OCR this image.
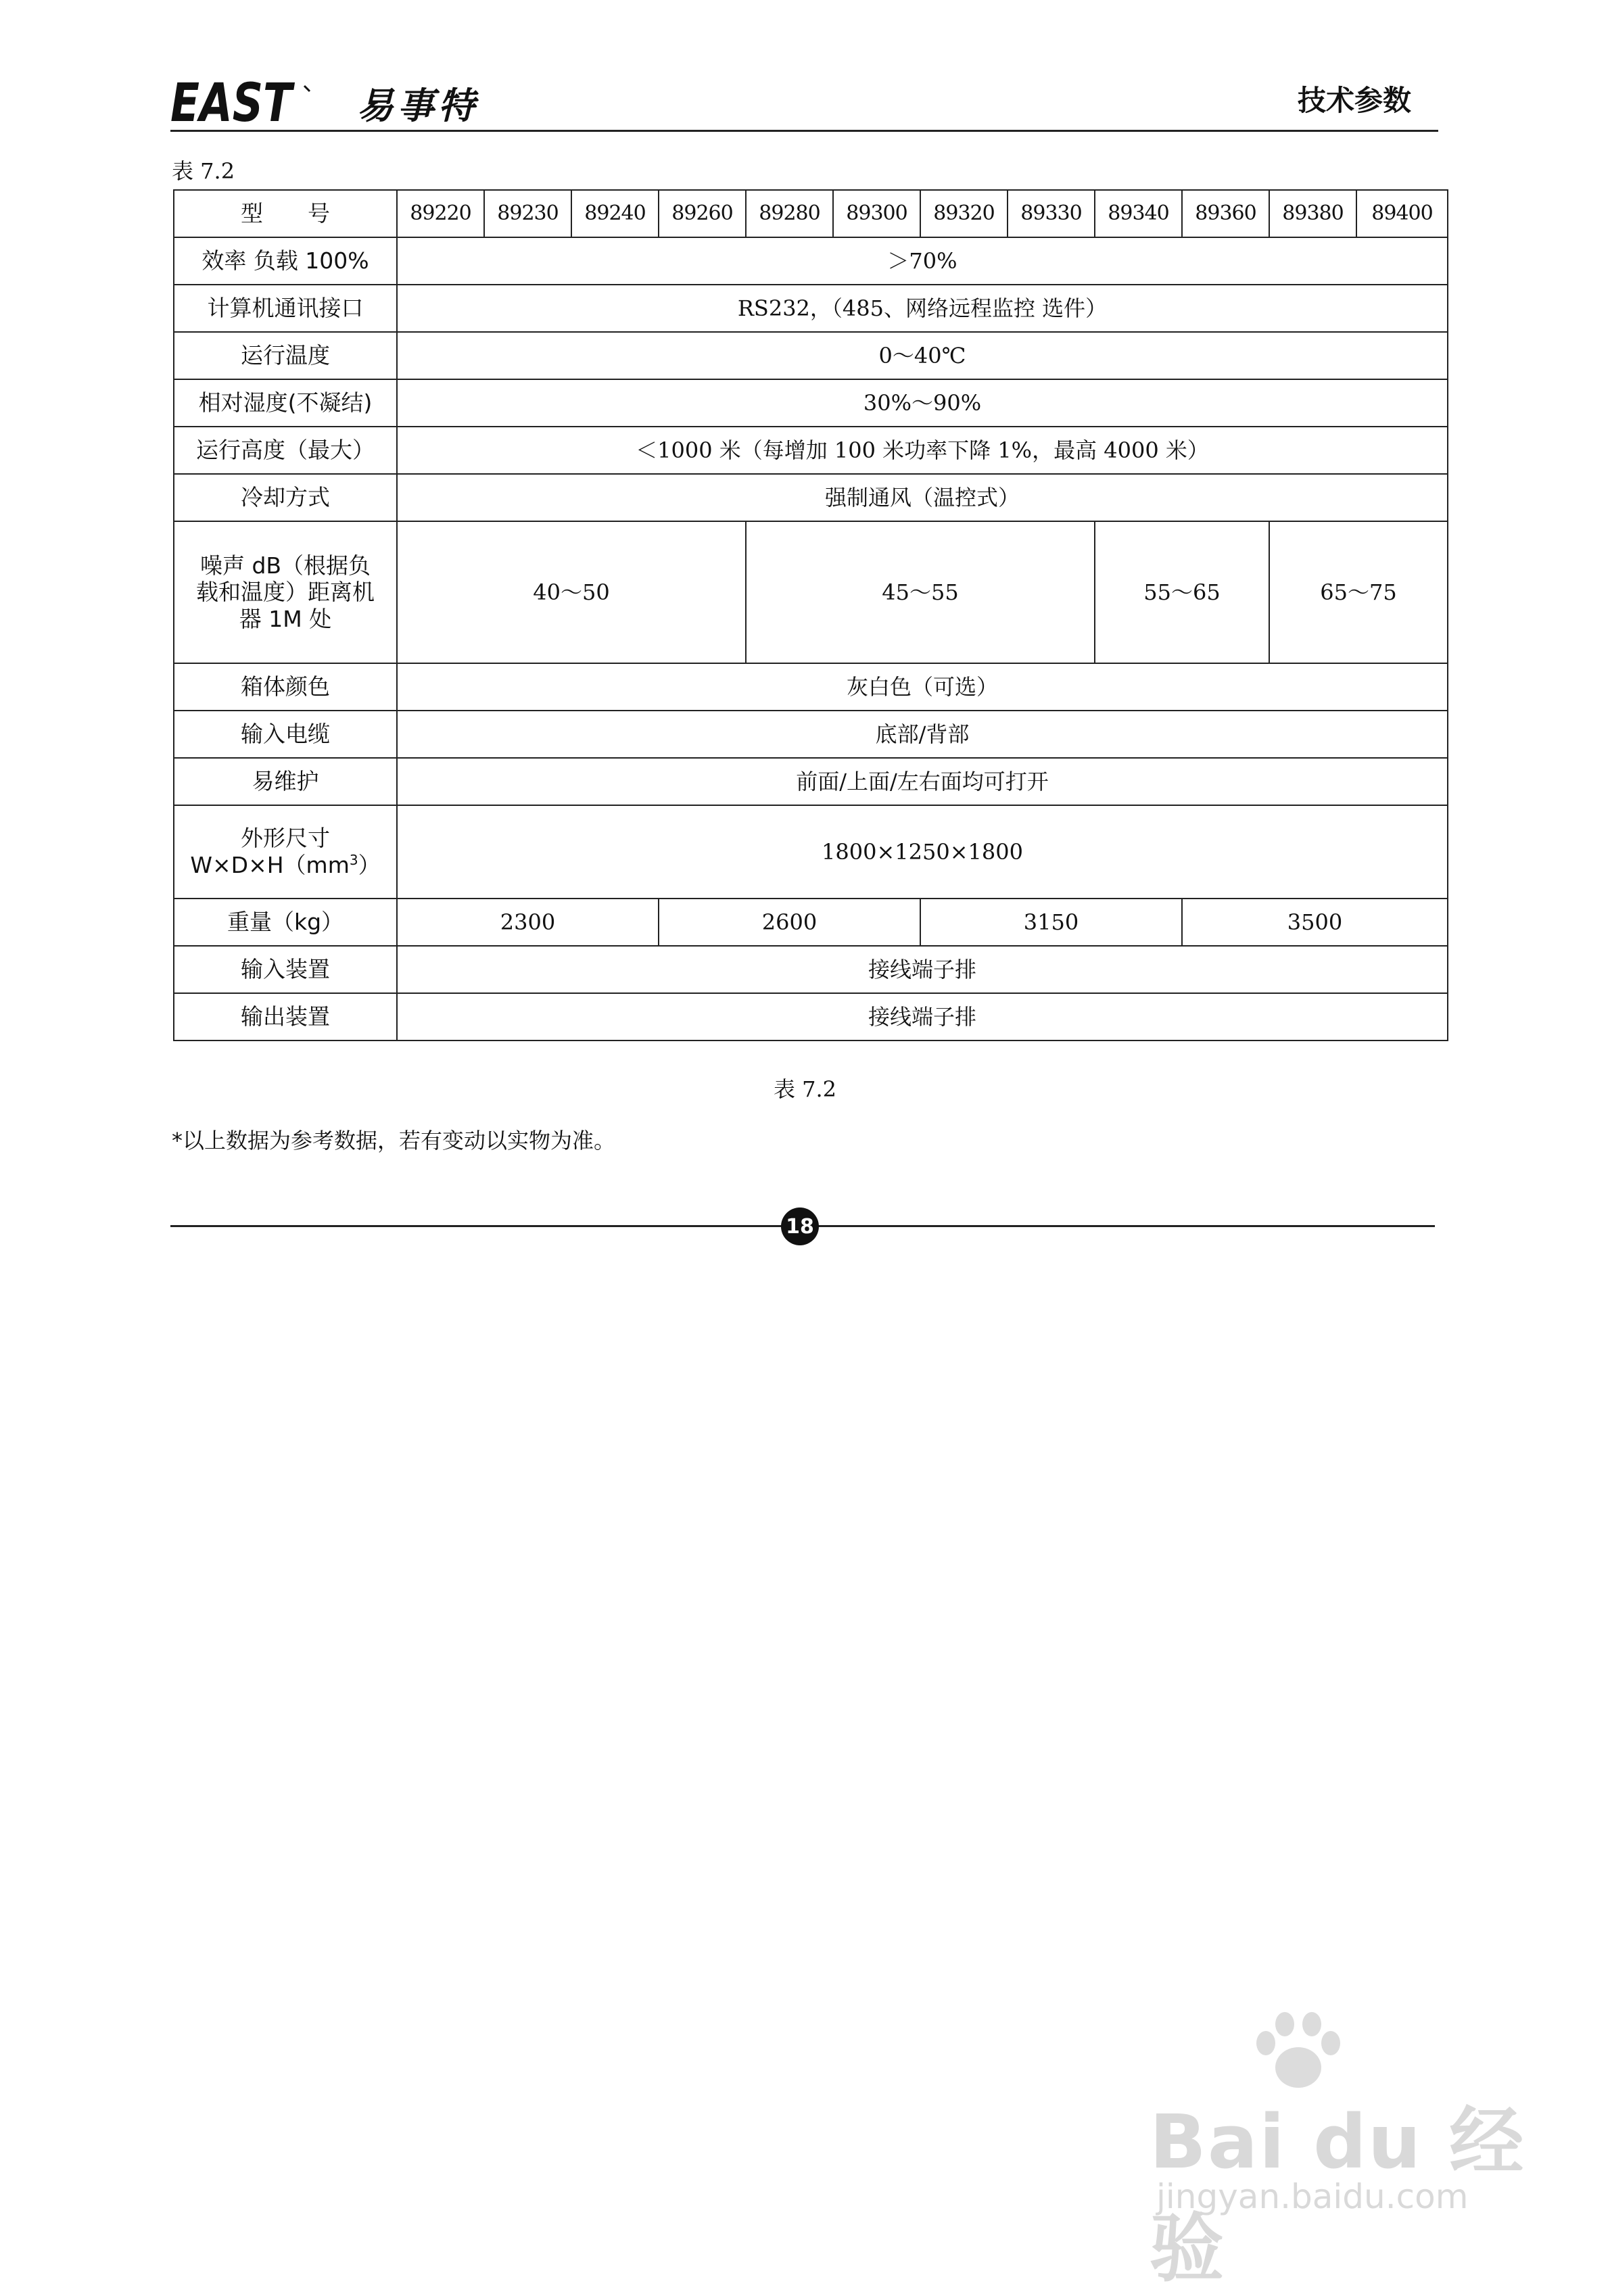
EAST 易事特	技术参数
表 7.2
型　　号	89220	89230	89240	89260	89280	89300	89320	89330	89340	89360	89380	89400
效率 负载 100%	＞70%											
计算机通讯接口	RS232，（485、网络远程监控 选件）											
运行温度	0～40℃											
相对湿度(不凝结)	30%～90%											
运行高度（最大）	＜1000 米（每增加 100 米功率下降 1%，最高 4000 米）											
冷却方式	强制通风（温控式）											

噪声 dB（根据负
载和温度）距离机
器 1M 处	40～50				45～55				55～65		65～75	
箱体颜色	灰白色（可选）											
输入电缆	底部/背部											
易维护	前面/上面/左右面均可打开											

外形尺寸
$W\times D\times H(mm^3)$	1800×1250×1800											
重量（kg）	2300			2600			3150			3500		
输入装置	接线端子排											
输出装置	接线端子排											
表 7.2
*以上数据为参考数据，若有变动以实物为准。
18
Bai du 经验
jingyan.baidu.com
